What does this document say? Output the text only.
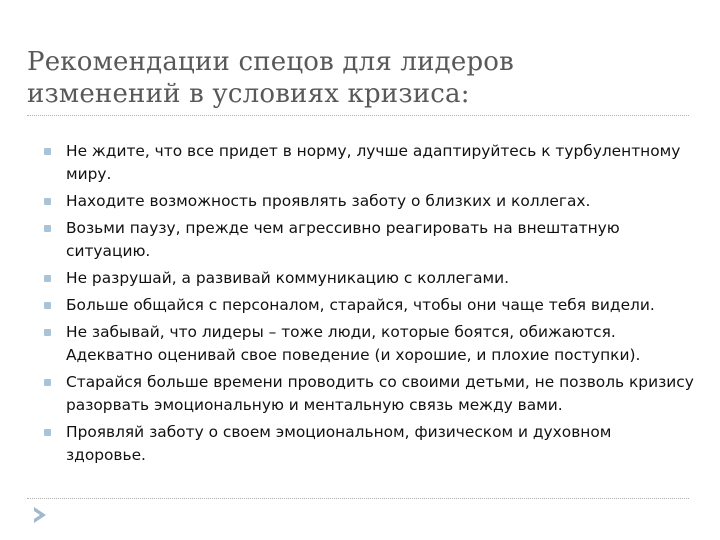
Рекомендации спецов для лидеров изменений в условиях кризиса:
Не ждите, что все придет в норму, лучше адаптируйтесь к турбулентному миру.
Находите возможность проявлять заботу о близких и коллегах.
Возьми паузу, прежде чем агрессивно реагировать на внештатную ситуацию.
Не разрушай, а развивай коммуникацию с коллегами.
Больше общайся с персоналом, старайся, чтобы они чаще тебя видели.
Не забывай, что лидеры – тоже люди, которые боятся, обижаются. Адекватно оценивай свое поведение (и хорошие, и плохие поступки).
Старайся больше времени проводить со своими детьми, не позволь кризису разорвать эмоциональную и ментальную связь между вами.
Проявляй заботу о своем эмоциональном, физическом и духовном здоровье.
